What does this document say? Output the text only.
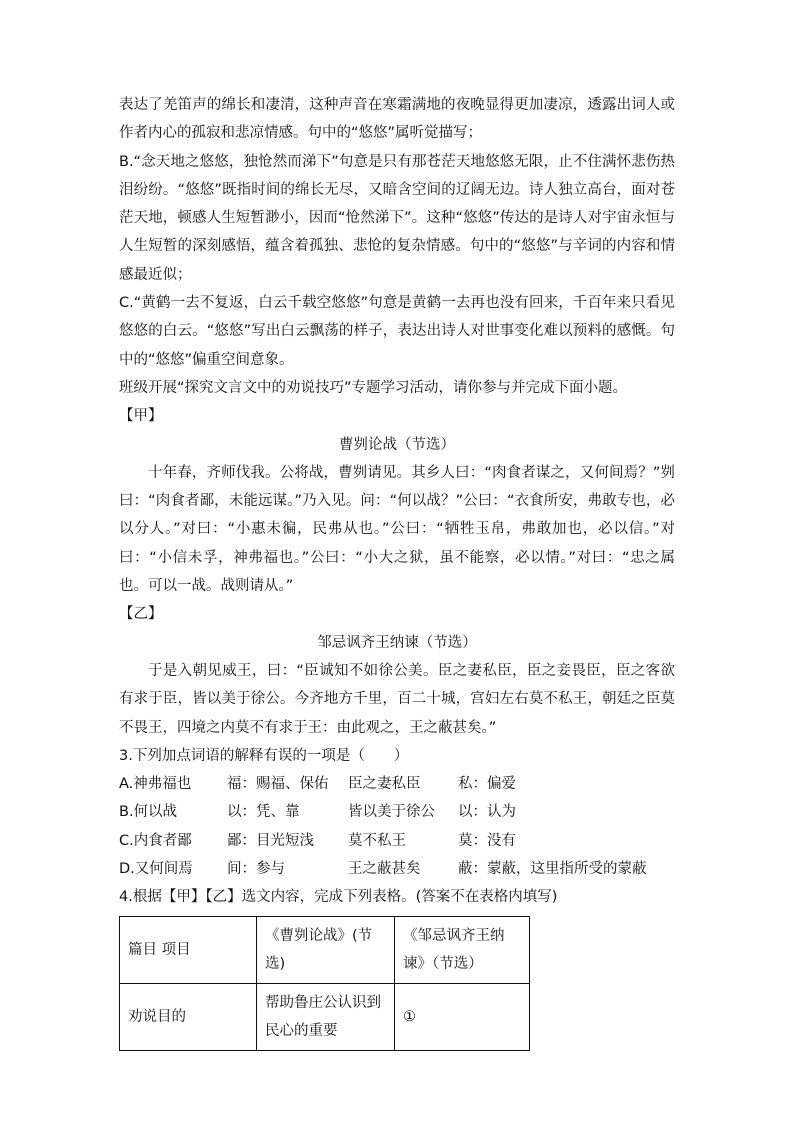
表达了羌笛声的绵长和凄清，这种声音在寒霜满地的夜晚显得更加凄凉，透露出词人或作者内心的孤寂和悲凉情感。句中的“悠悠”属听觉描写；

B.“念天地之悠悠，独怆然而涕下”句意是只有那苍茫天地悠悠无限，止不住满怀悲伤热泪纷纷。“悠悠”既指时间的绵长无尽，又暗含空间的辽阔无边。诗人独立高台，面对苍茫天地，顿感人生短暂渺小，因而“怆然涕下”。这种“悠悠”传达的是诗人对宇宙永恒与人生短暂的深刻感悟，蕴含着孤独、悲怆的复杂情感。句中的“悠悠”与辛词的内容和情感最近似；

C.“黄鹤一去不复返，白云千载空悠悠”句意是黄鹤一去再也没有回来，千百年来只看见悠悠的白云。“悠悠”写出白云飘荡的样子，表达出诗人对世事变化难以预料的感慨。句中的“悠悠”偏重空间意象。

班级开展“探究文言文中的劝说技巧”专题学习活动，请你参与并完成下面小题。

【甲】

曹刿论战（节选）

十年春，齐师伐我。公将战，曹刿请见。其乡人曰：“肉食者谋之，又何间焉？”刿曰：“肉食者鄙，未能远谋。”乃入见。问：“何以战？”公曰：“衣食所安，弗敢专也，必以分人。”对曰：“小惠未徧，民弗从也。”公曰：“牺牲玉帛，弗敢加也，必以信。”对曰：“小信未孚，神弗福也。”公曰：“小大之狱，虽不能察，必以情。”对曰：“忠之属也。可以一战。战则请从。”

【乙】

邹忌讽齐王纳谏（节选）

于是入朝见威王，曰：“臣诚知不如徐公美。臣之妻私臣，臣之妾畏臣，臣之客欲有求于臣，皆以美于徐公。今齐地方千里，百二十城，宫妇左右莫不私王，朝廷之臣莫不畏王，四境之内莫不有求于王：由此观之，王之蔽甚矣。”

3.下列加点词语的解释有误的一项是（　　）

A.神弗福也	福：赐福、保佑	臣之妻私臣	私：偏爱
B.何以战	以：凭、靠	皆以美于徐公	以：认为
C.内食者鄙	鄙：目光短浅	莫不私王	莫：没有
D.又何间焉	间：参与	王之蔽甚矣	蔽：蒙蔽，这里指所受的蒙蔽

4.根据【甲】【乙】选文内容，完成下列表格。(答案不在表格内填写)

篇目 项目	《曹刿论战》(节选)	《邹忌讽齐王纳谏》（节选）
劝说目的	帮助鲁庄公认识到民心的重要	①
